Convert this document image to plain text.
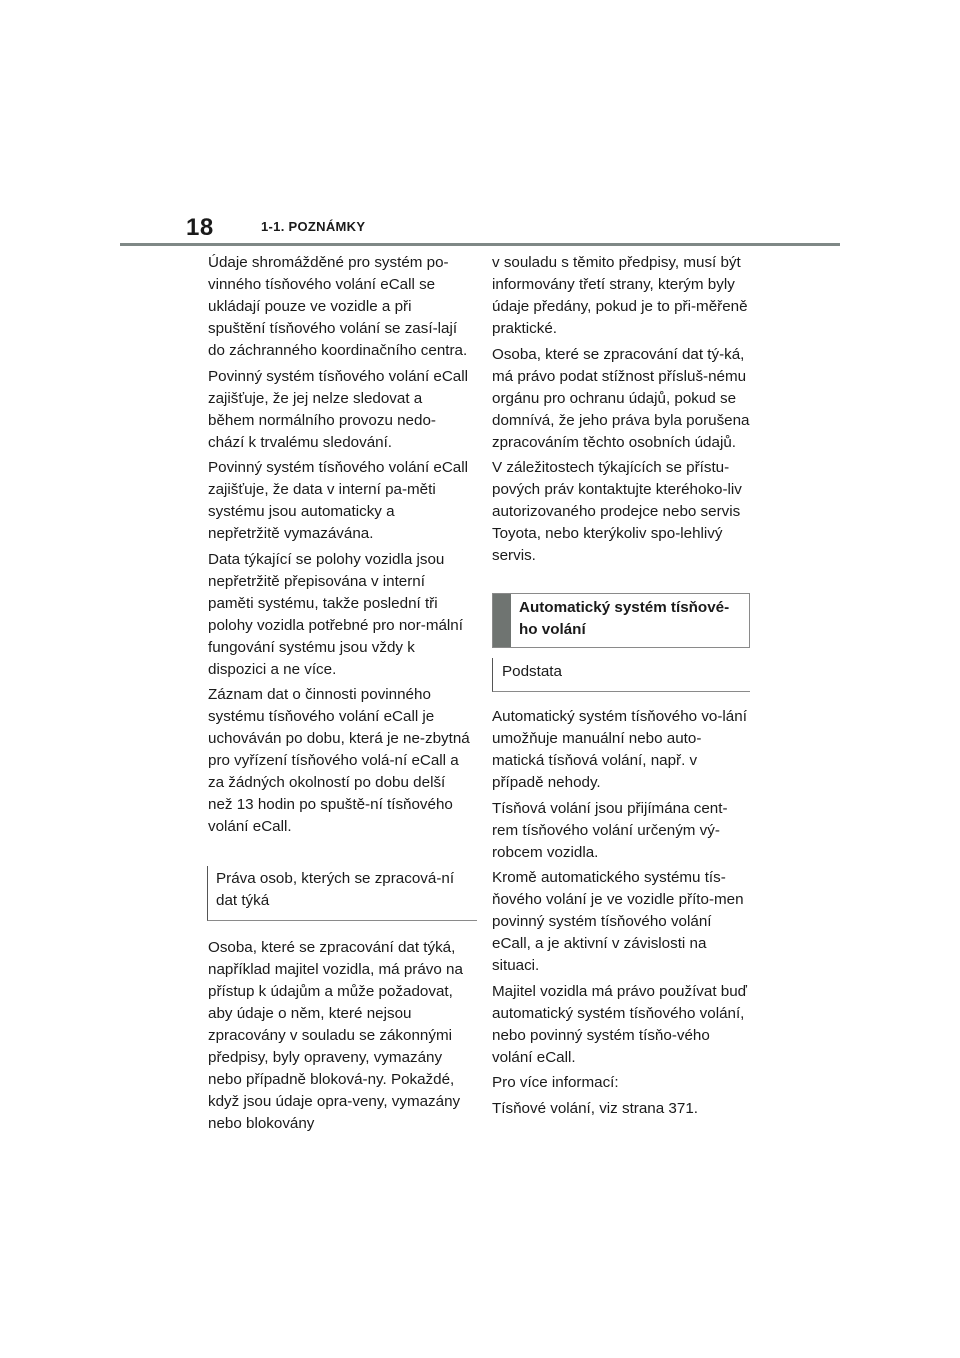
18	1-1. POZNÁMKY

Údaje shromážděné pro systém po-vinného tísňového volání eCall se ukládají pouze ve vozidle a při spuštění tísňového volání se zasí-lají do záchranného koordinačního centra.

Povinný systém tísňového volání eCall zajišťuje, že jej nelze sledovat a během normálního provozu nedo-chází k trvalému sledování.

Povinný systém tísňového volání eCall zajišťuje, že data v interní pa-měti systému jsou automaticky a nepřetržitě vymazávána.

Data týkající se polohy vozidla jsou nepřetržitě přepisována v interní paměti systému, takže poslední tři polohy vozidla potřebné pro nor-mální fungování systému jsou vždy k dispozici a ne více.

Záznam dat o činnosti povinného systému tísňového volání eCall je uchováván po dobu, která je ne-zbytná pro vyřízení tísňového volá-ní eCall a za žádných okolností po dobu delší než 13 hodin po spuště-ní tísňového volání eCall.

Práva osob, kterých se zpracová-ní dat týká

Osoba, které se zpracování dat týká, například majitel vozidla, má právo na přístup k údajům a může požadovat, aby údaje o něm, které nejsou zpracovány v souladu se zákonnými předpisy, byly opraveny, vymazány nebo případně bloková-ny. Pokaždé, když jsou údaje opra-veny, vymazány nebo blokovány

v souladu s těmito předpisy, musí být informovány třetí strany, kterým byly údaje předány, pokud je to při-měřeně praktické.

Osoba, které se zpracování dat tý-ká, má právo podat stížnost přísluš-nému orgánu pro ochranu údajů, pokud se domnívá, že jeho práva byla porušena zpracováním těchto osobních údajů.

V záležitostech týkajících se přístu-pových práv kontaktujte kteréhoko-liv autorizovaného prodejce nebo servis Toyota, nebo kterýkoliv spo-lehlivý servis.

Automatický systém tísňové-ho volání
Podstata

Automatický systém tísňového vo-lání umožňuje manuální nebo auto-matická tísňová volání, např. v případě nehody.

Tísňová volání jsou přijímána cent-rem tísňového volání určeným vý-robcem vozidla.

Kromě automatického systému tís-ňového volání je ve vozidle příto-men povinný systém tísňového volání eCall, a je aktivní v závislosti na situaci.

Majitel vozidla má právo používat buď automatický systém tísňového volání, nebo povinný systém tísňo-vého volání eCall.

Pro více informací:

Tísňové volání, viz strana 371.
